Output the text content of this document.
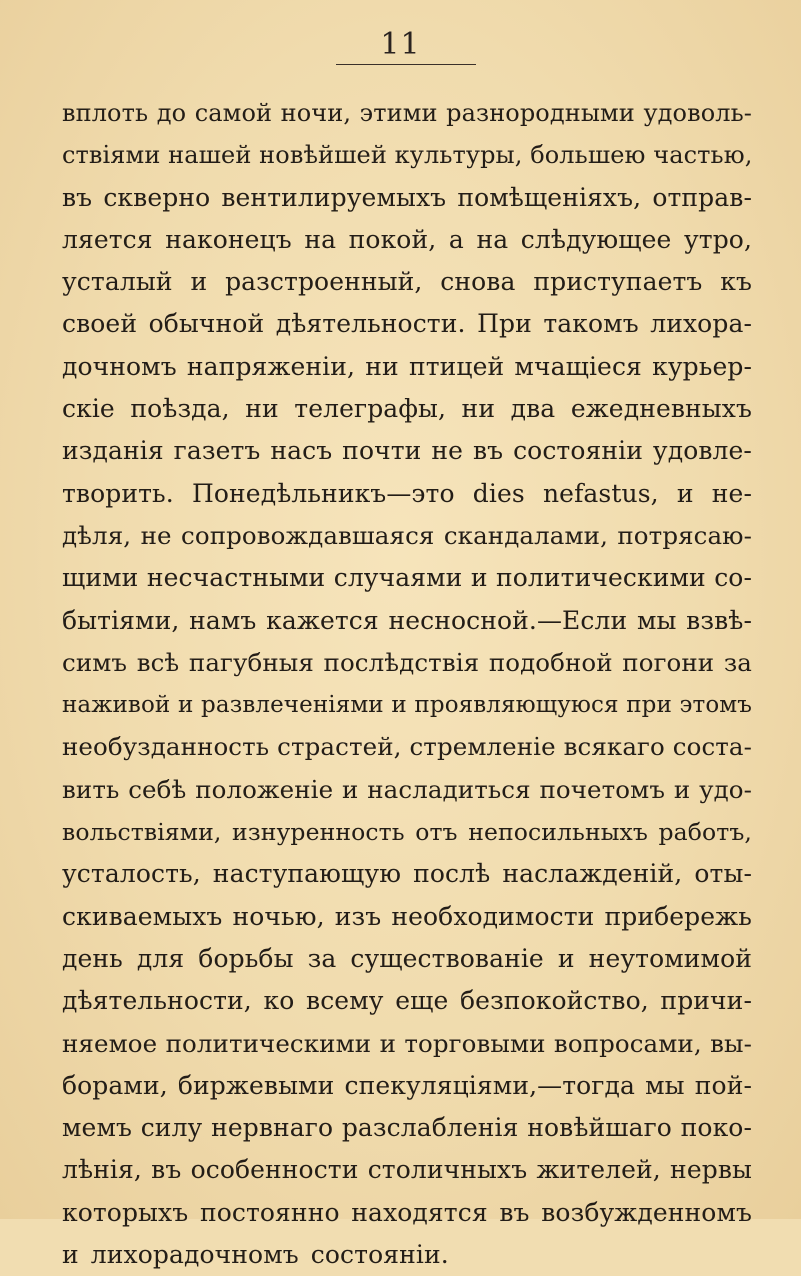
11
вплоть до самой ночи, этими разнородными удоволь-
ствіями нашей новѣйшей культуры, большею частью,
въ скверно вентилируемыхъ помѣщеніяхъ, отправ-
ляется наконецъ на покой, а на слѣдующее утро,
усталый и разстроенный, снова приступаетъ къ
своей обычной дѣятельности. При такомъ лихора-
дочномъ напряженіи, ни птицей мчащіеся курьер-
скіе поѣзда, ни телеграфы, ни два ежедневныхъ
изданія газетъ насъ почти не въ состояніи удовле-
творить. Понедѣльникъ—это dies nefastus, и не-
дѣля, не сопровождавшаяся скандалами, потрясаю-
щими несчастными случаями и политическими со-
бытіями, намъ кажется несносной.—Если мы взвѣ-
симъ всѣ пагубныя послѣдствія подобной погони за
наживой и развлеченіями и проявляющуюся при этомъ
необузданность страстей, стремленіе всякаго соста-
вить себѣ положеніе и насладиться почетомъ и удо-
вольствіями, изнуренность отъ непосильныхъ работъ,
усталость, наступающую послѣ наслажденій, оты-
скиваемыхъ ночью, изъ необходимости прибережь
день для борьбы за существованіе и неутомимой
дѣятельности, ко всему еще безпокойство, причи-
няемое политическими и торговыми вопросами, вы-
борами, биржевыми спекуляціями,—тогда мы пой-
мемъ силу нервнаго разслабленія новѣйшаго поко-
лѣнія, въ особенности столичныхъ жителей, нервы
которыхъ постоянно находятся въ возбужденномъ
и лихорадочномъ состояніи.
